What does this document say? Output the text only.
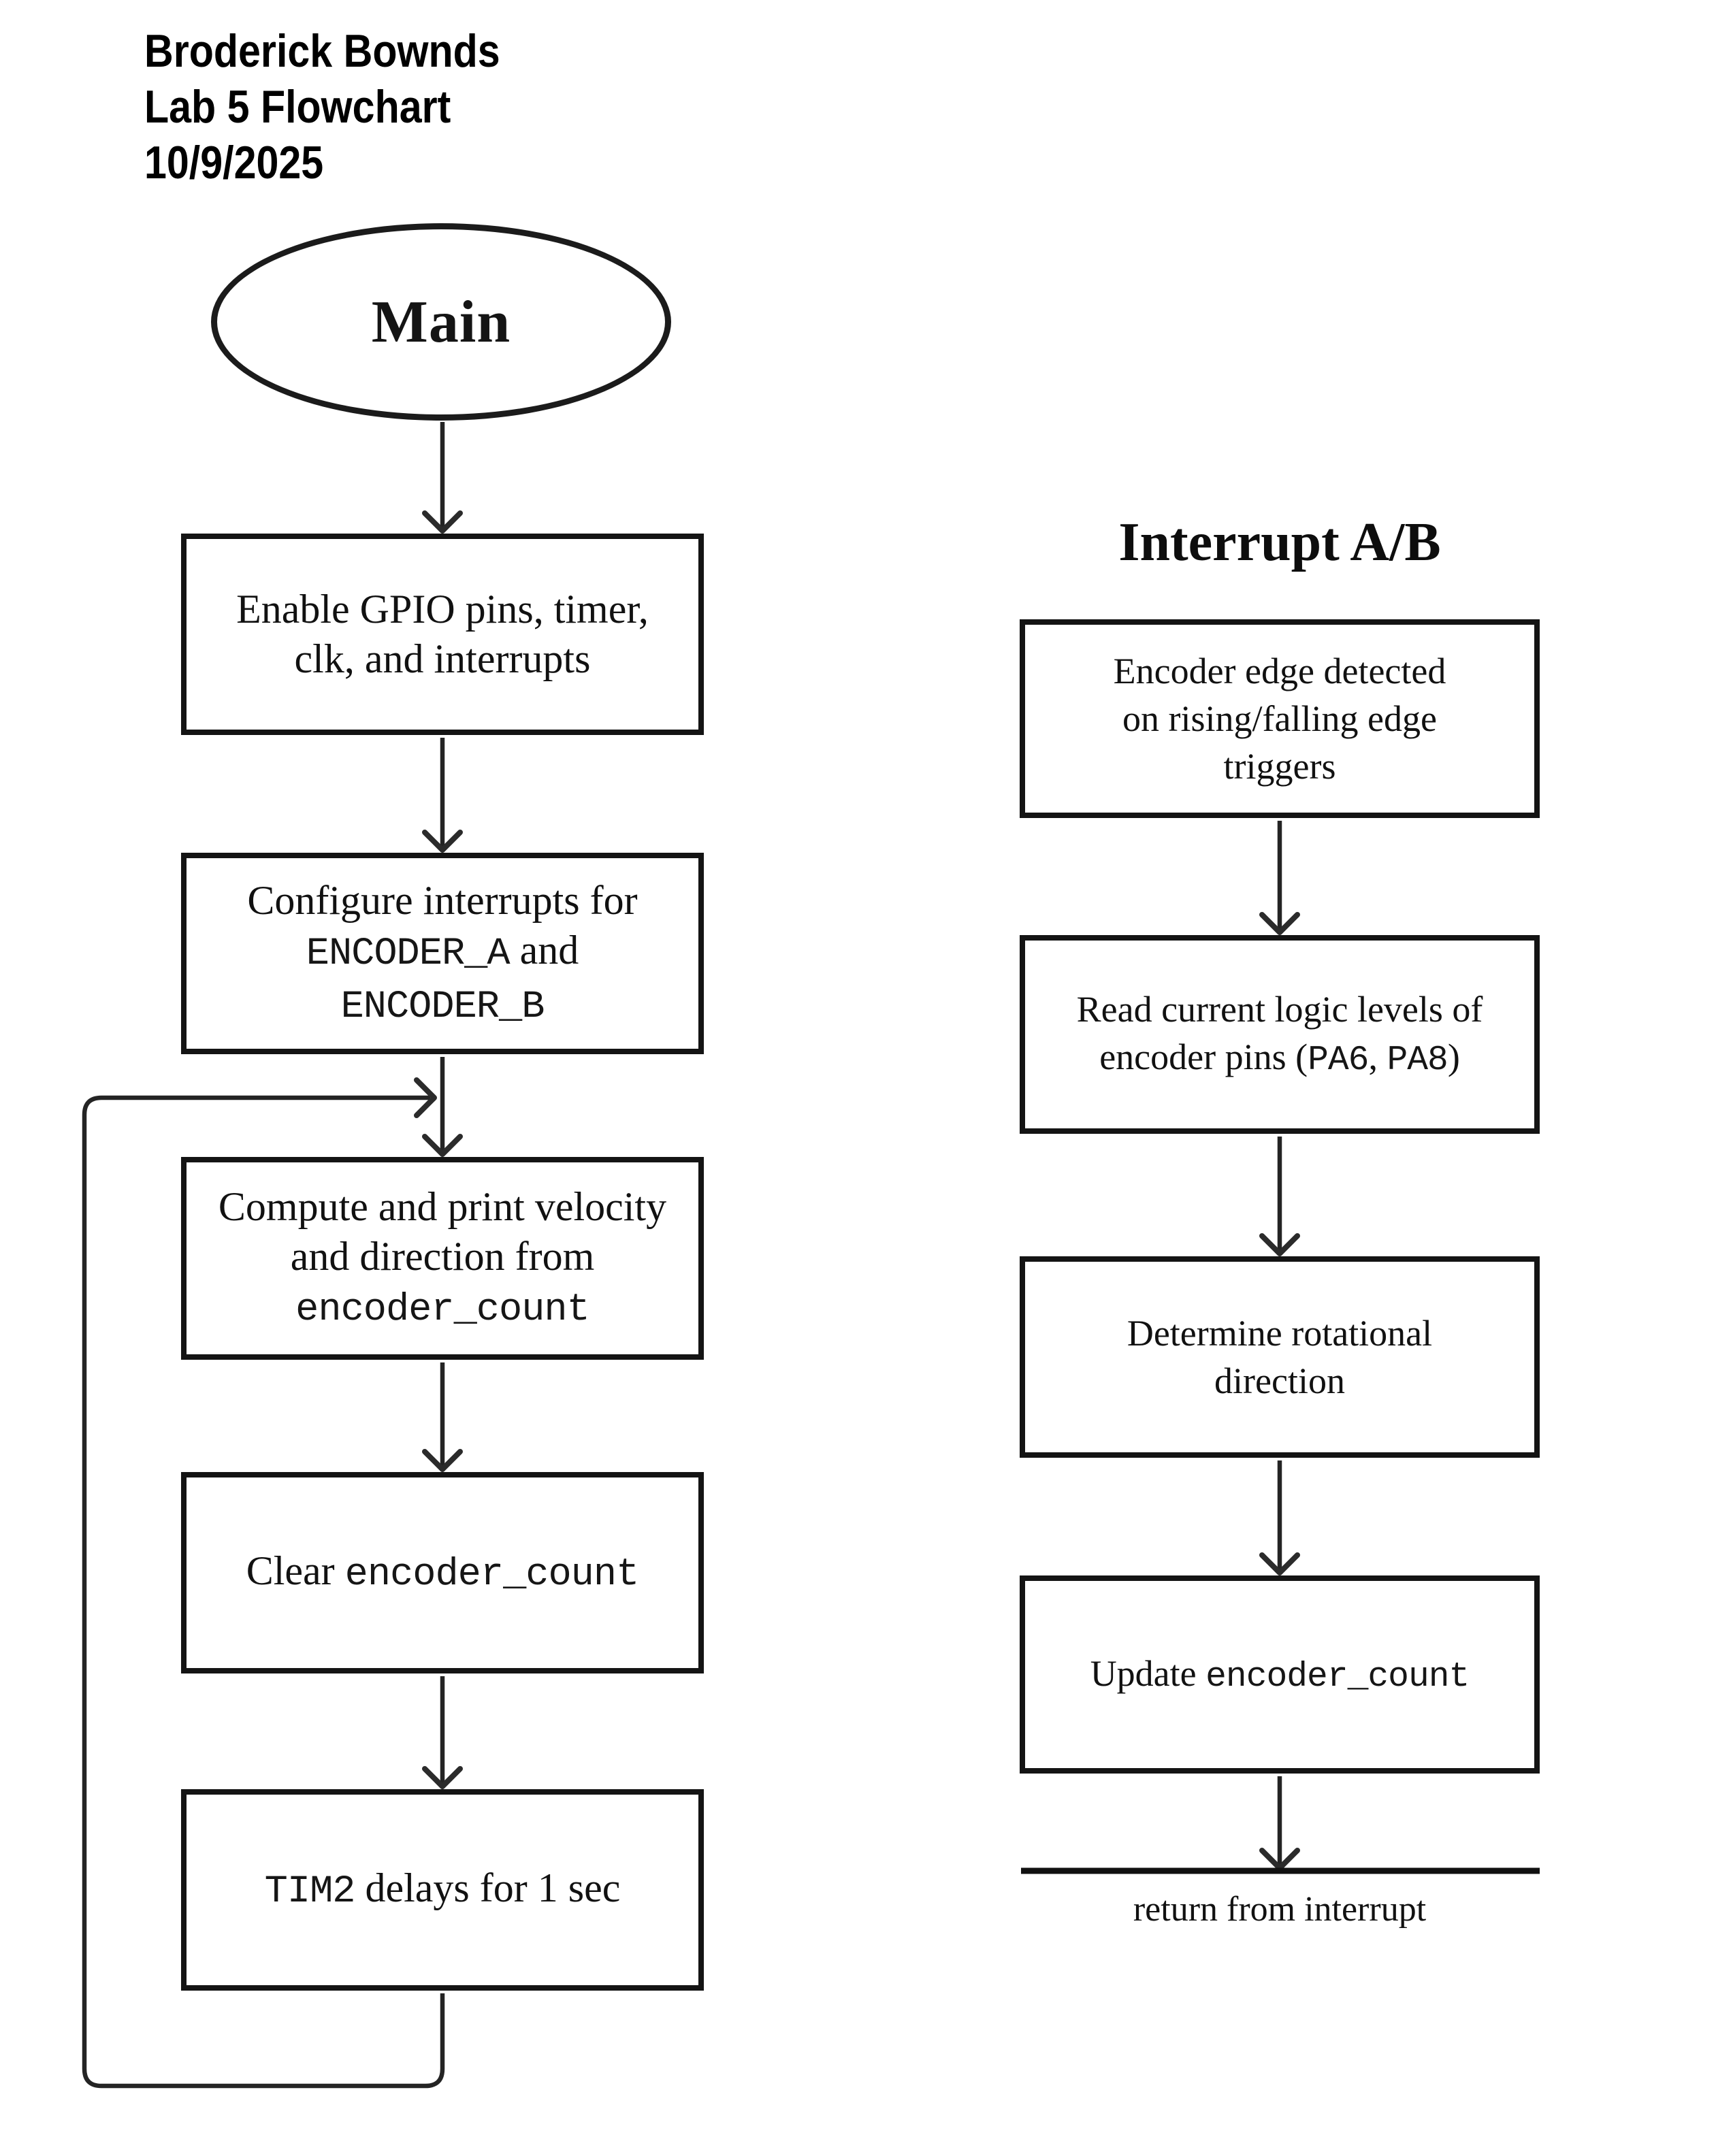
Broderick Bownds
Lab 5 Flowchart
10/9/2025
Main
Enable GPIO pins, timer,
clk, and interrupts
Configure interrupts for
ENCODER_A and
ENCODER_B
Compute and print velocity
and direction from
encoder_count
Clear encoder_count
TIM2 delays for 1 sec
Interrupt A/B
Encoder edge detected
on rising/falling edge
triggers
Read current logic levels of
encoder pins (PA6, PA8)
Determine rotational
direction
Update encoder_count
return from interrupt
